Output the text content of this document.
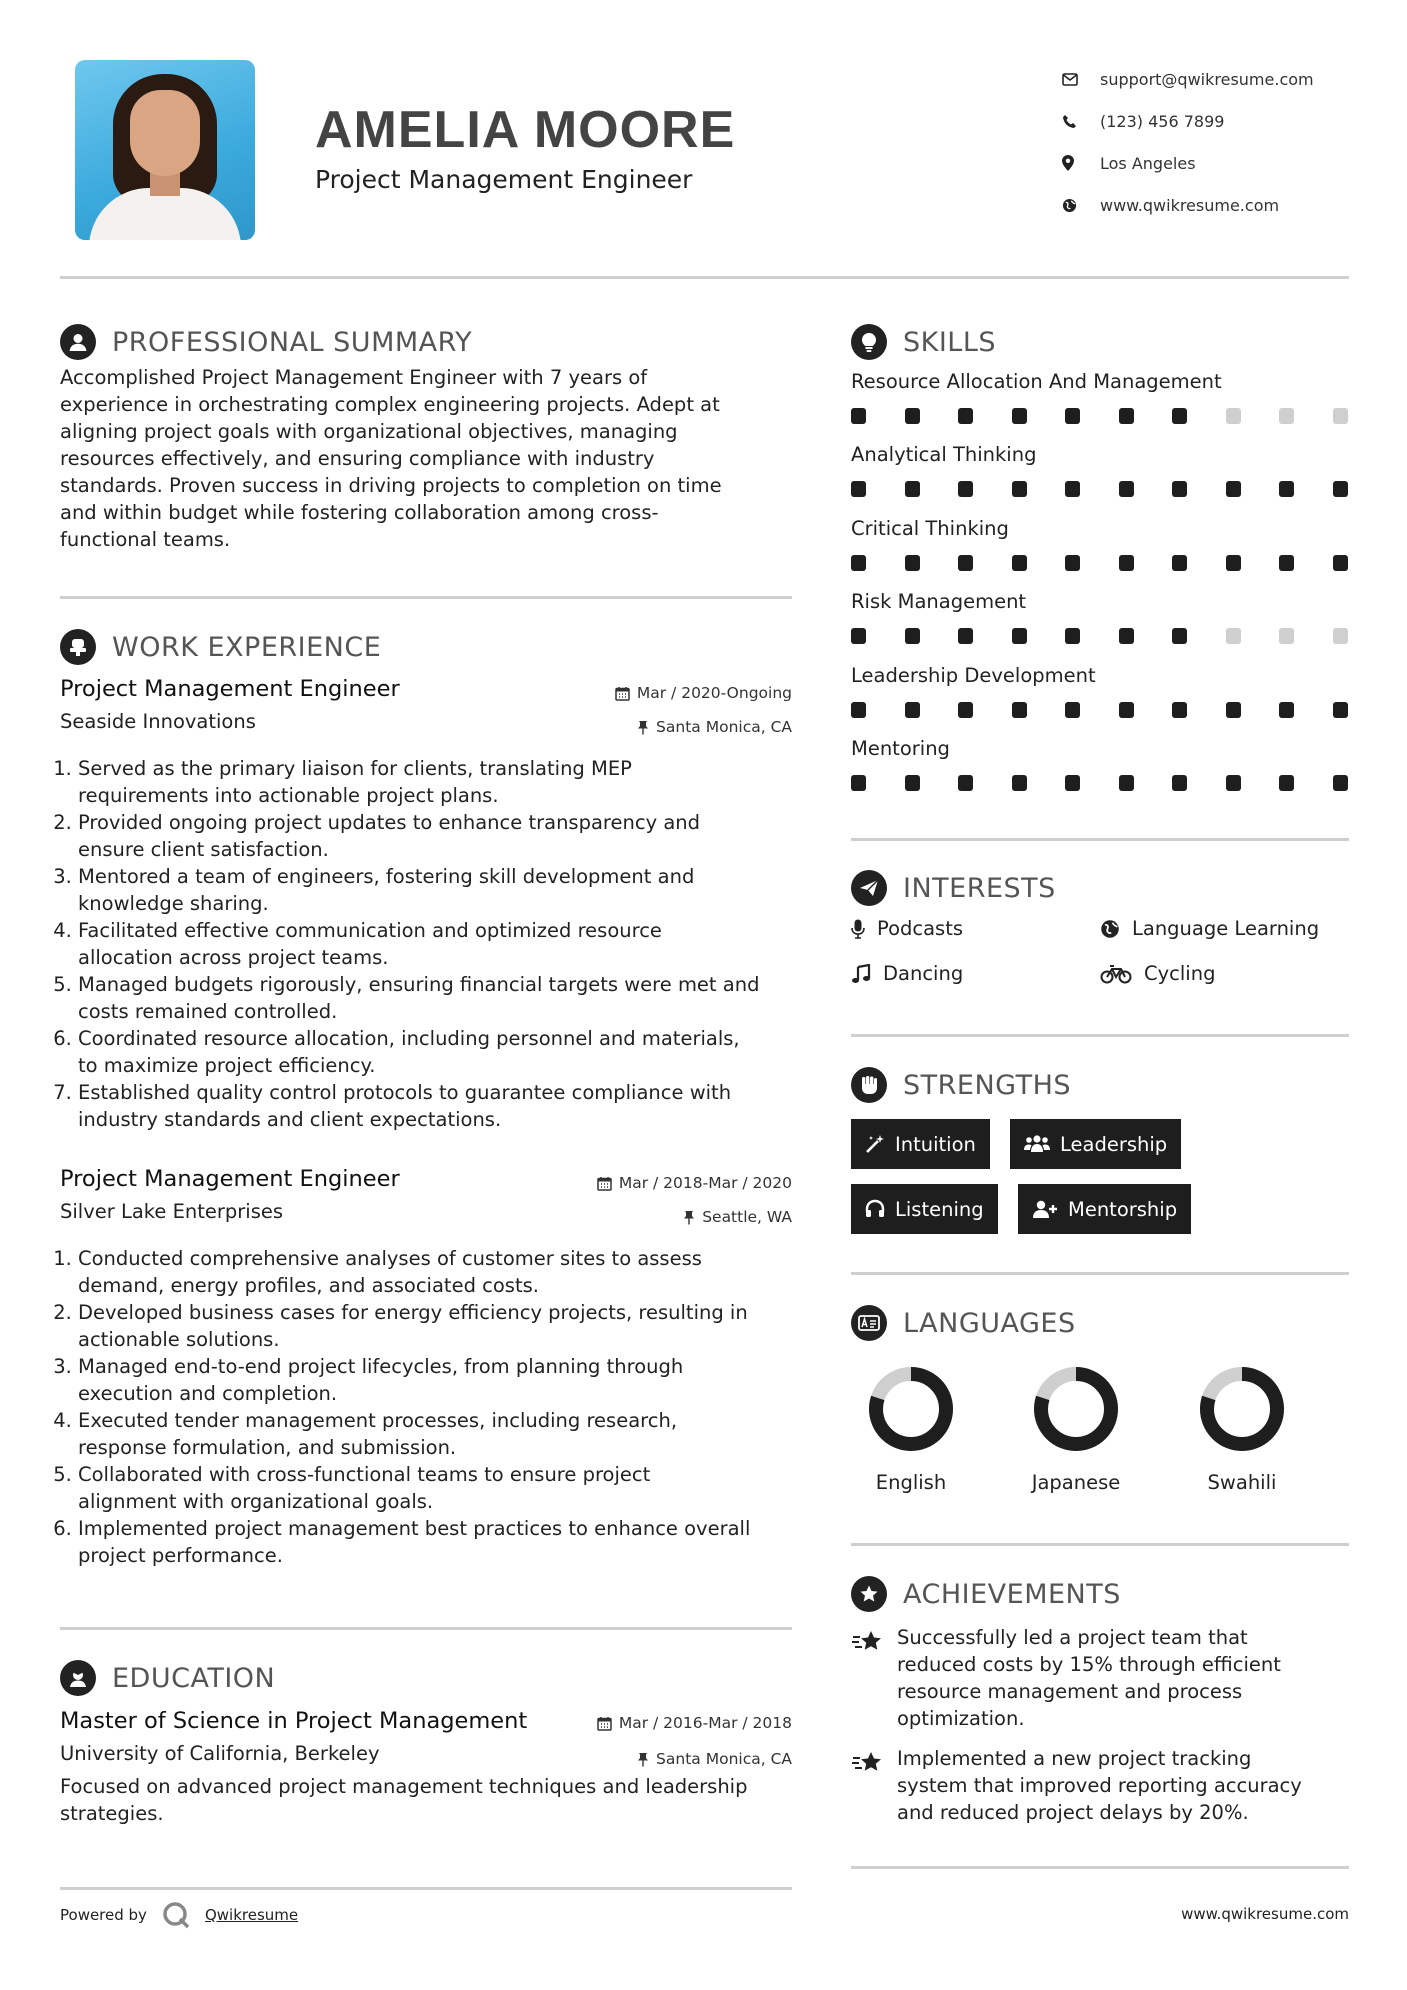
AMELIA MOORE
Project Management Engineer
support@qwikresume.com
(123) 456 7899
Los Angeles
www.qwikresume.com
PROFESSIONAL SUMMARY
Accomplished Project Management Engineer with 7 years of
experience in orchestrating complex engineering projects. Adept at
aligning project goals with organizational objectives, managing
resources effectively, and ensuring compliance with industry
standards. Proven success in driving projects to completion on time
and within budget while fostering collaboration among cross-
functional teams.
WORK EXPERIENCE
Project Management Engineer	Mar / 2020-Ongoing
Seaside Innovations	Santa Monica, CA
1. Served as the primary liaison for clients, translating MEP
requirements into actionable project plans.
2. Provided ongoing project updates to enhance transparency and
ensure client satisfaction.
3. Mentored a team of engineers, fostering skill development and
knowledge sharing.
4. Facilitated effective communication and optimized resource
allocation across project teams.
5. Managed budgets rigorously, ensuring financial targets were met and
costs remained controlled.
6. Coordinated resource allocation, including personnel and materials,
to maximize project efficiency.
7. Established quality control protocols to guarantee compliance with
industry standards and client expectations.
Project Management Engineer	Mar / 2018-Mar / 2020
Silver Lake Enterprises	Seattle, WA
1. Conducted comprehensive analyses of customer sites to assess
demand, energy profiles, and associated costs.
2. Developed business cases for energy efficiency projects, resulting in
actionable solutions.
3. Managed end-to-end project lifecycles, from planning through
execution and completion.
4. Executed tender management processes, including research,
response formulation, and submission.
5. Collaborated with cross-functional teams to ensure project
alignment with organizational goals.
6. Implemented project management best practices to enhance overall
project performance.
EDUCATION
Master of Science in Project Management	Mar / 2016-Mar / 2018
University of California, Berkeley	Santa Monica, CA
Focused on advanced project management techniques and leadership
strategies.
SKILLS
Resource Allocation And Management
Analytical Thinking
Critical Thinking
Risk Management
Leadership Development
Mentoring
INTERESTS
Podcasts	Language Learning
Dancing	Cycling
STRENGTHS
Intuition	Leadership
Listening	Mentorship
LANGUAGES
English	Japanese	Swahili
ACHIEVEMENTS
Successfully led a project team that
reduced costs by 15% through efficient
resource management and process
optimization.
Implemented a new project tracking
system that improved reporting accuracy
and reduced project delays by 20%.
Powered by	Qwikresume	www.qwikresume.com
